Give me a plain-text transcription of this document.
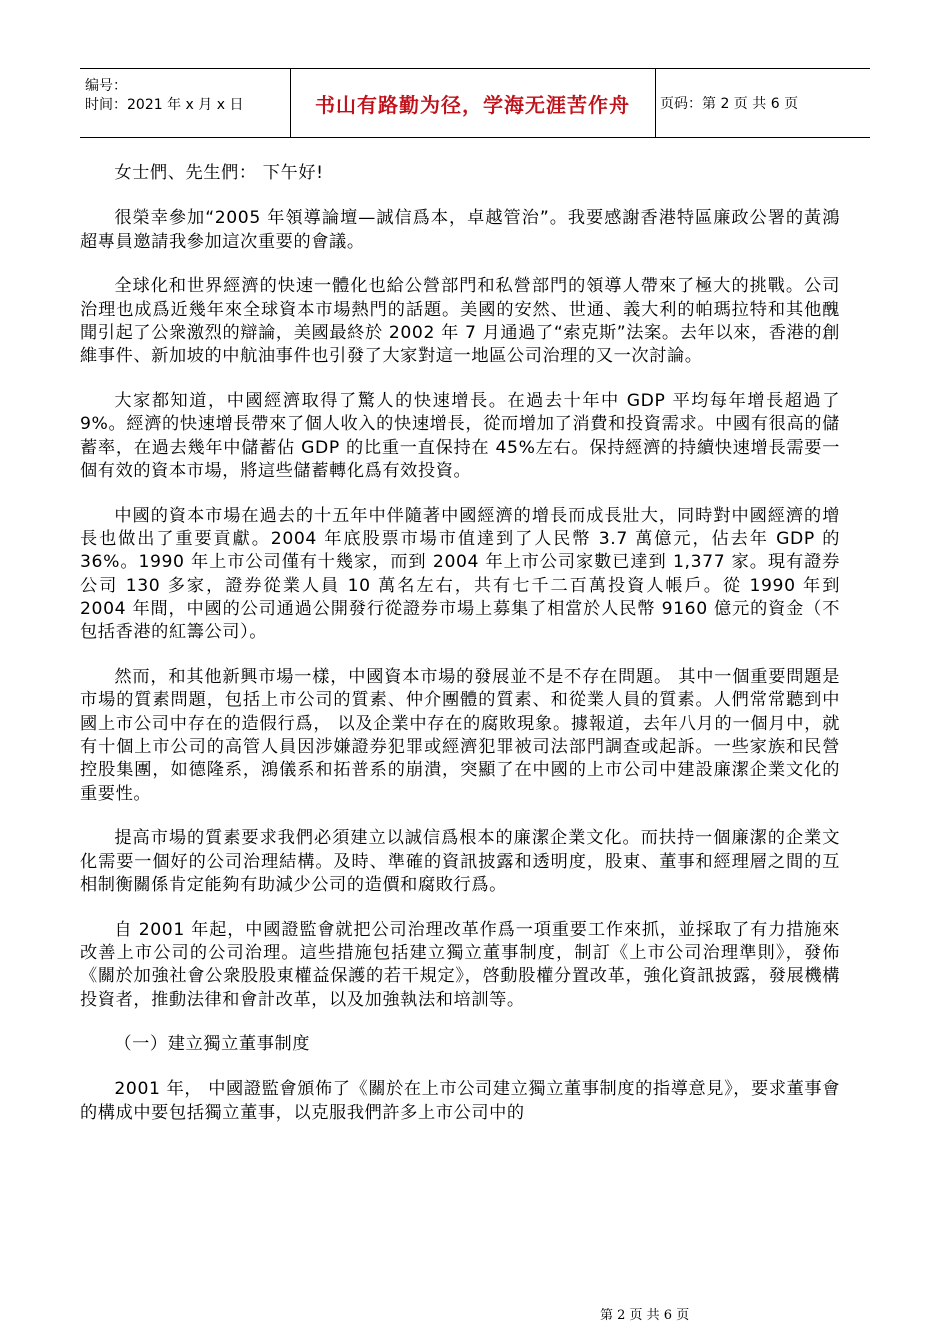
编号：
时间：2021 年 x 月 x 日	书山有路勤为径，学海无涯苦作舟	页码：第 2 页 共 6 页

女士們、先生們： 下午好!

很榮幸參加“2005 年領導論壇—誠信爲本，卓越管治”。我要感謝香港特區廉政公署的黃鴻超專員邀請我參加這次重要的會議。

全球化和世界經濟的快速一體化也給公營部門和私營部門的領導人帶來了極大的挑戰。公司治理也成爲近幾年來全球資本市場熱門的話題。美國的安然、世通、義大利的帕瑪拉特和其他醜聞引起了公衆激烈的辯論，美國最終於 2002 年 7 月通過了“索克斯”法案。去年以來，香港的創維事件、新加坡的中航油事件也引發了大家對這一地區公司治理的又一次討論。

大家都知道，中國經濟取得了驚人的快速增長。在過去十年中 GDP 平均每年增長超過了 9%。經濟的快速增長帶來了個人收入的快速增長，從而增加了消費和投資需求。中國有很高的儲蓄率，在過去幾年中儲蓄佔 GDP 的比重一直保持在 45%左右。保持經濟的持續快速增長需要一個有效的資本市場，將這些儲蓄轉化爲有效投資。

中國的資本市場在過去的十五年中伴隨著中國經濟的增長而成長壯大，同時對中國經濟的增長也做出了重要貢獻。2004 年底股票市場市值達到了人民幣 3.7 萬億元，佔去年 GDP 的 36%。1990 年上市公司僅有十幾家，而到 2004 年上市公司家數已達到 1,377 家。現有證券公司 130 多家，證券從業人員 10 萬名左右，共有七千二百萬投資人帳戶。從 1990 年到 2004 年間，中國的公司通過公開發行從證券市場上募集了相當於人民幣 9160 億元的資金（不包括香港的紅籌公司）。

然而，和其他新興市場一樣，中國資本市場的發展並不是不存在問題。 其中一個重要問題是市場的質素問題，包括上市公司的質素、仲介團體的質素、和從業人員的質素。人們常常聽到中國上市公司中存在的造假行爲， 以及企業中存在的腐敗現象。據報道，去年八月的一個月中，就有十個上市公司的高管人員因涉嫌證券犯罪或經濟犯罪被司法部門調查或起訴。一些家族和民營控股集團，如德隆系，鴻儀系和拓普系的崩潰，突顯了在中國的上市公司中建設廉潔企業文化的重要性。

提高市場的質素要求我們必須建立以誠信爲根本的廉潔企業文化。而扶持一個廉潔的企業文化需要一個好的公司治理結構。及時、準確的資訊披露和透明度，股東、董事和經理層之間的互相制衡關係肯定能夠有助減少公司的造價和腐敗行爲。

自 2001 年起，中國證監會就把公司治理改革作爲一項重要工作來抓，並採取了有力措施來改善上市公司的公司治理。這些措施包括建立獨立董事制度，制訂《上市公司治理準則》，發佈《關於加強社會公衆股股東權益保護的若干規定》，啓動股權分置改革，強化資訊披露，發展機構投資者，推動法律和會計改革，以及加強執法和培訓等。

（一）建立獨立董事制度

2001 年， 中國證監會頒佈了《關於在上市公司建立獨立董事制度的指導意見》，要求董事會的構成中要包括獨立董事，以克服我們許多上市公司中的

第 2 页 共 6 页
